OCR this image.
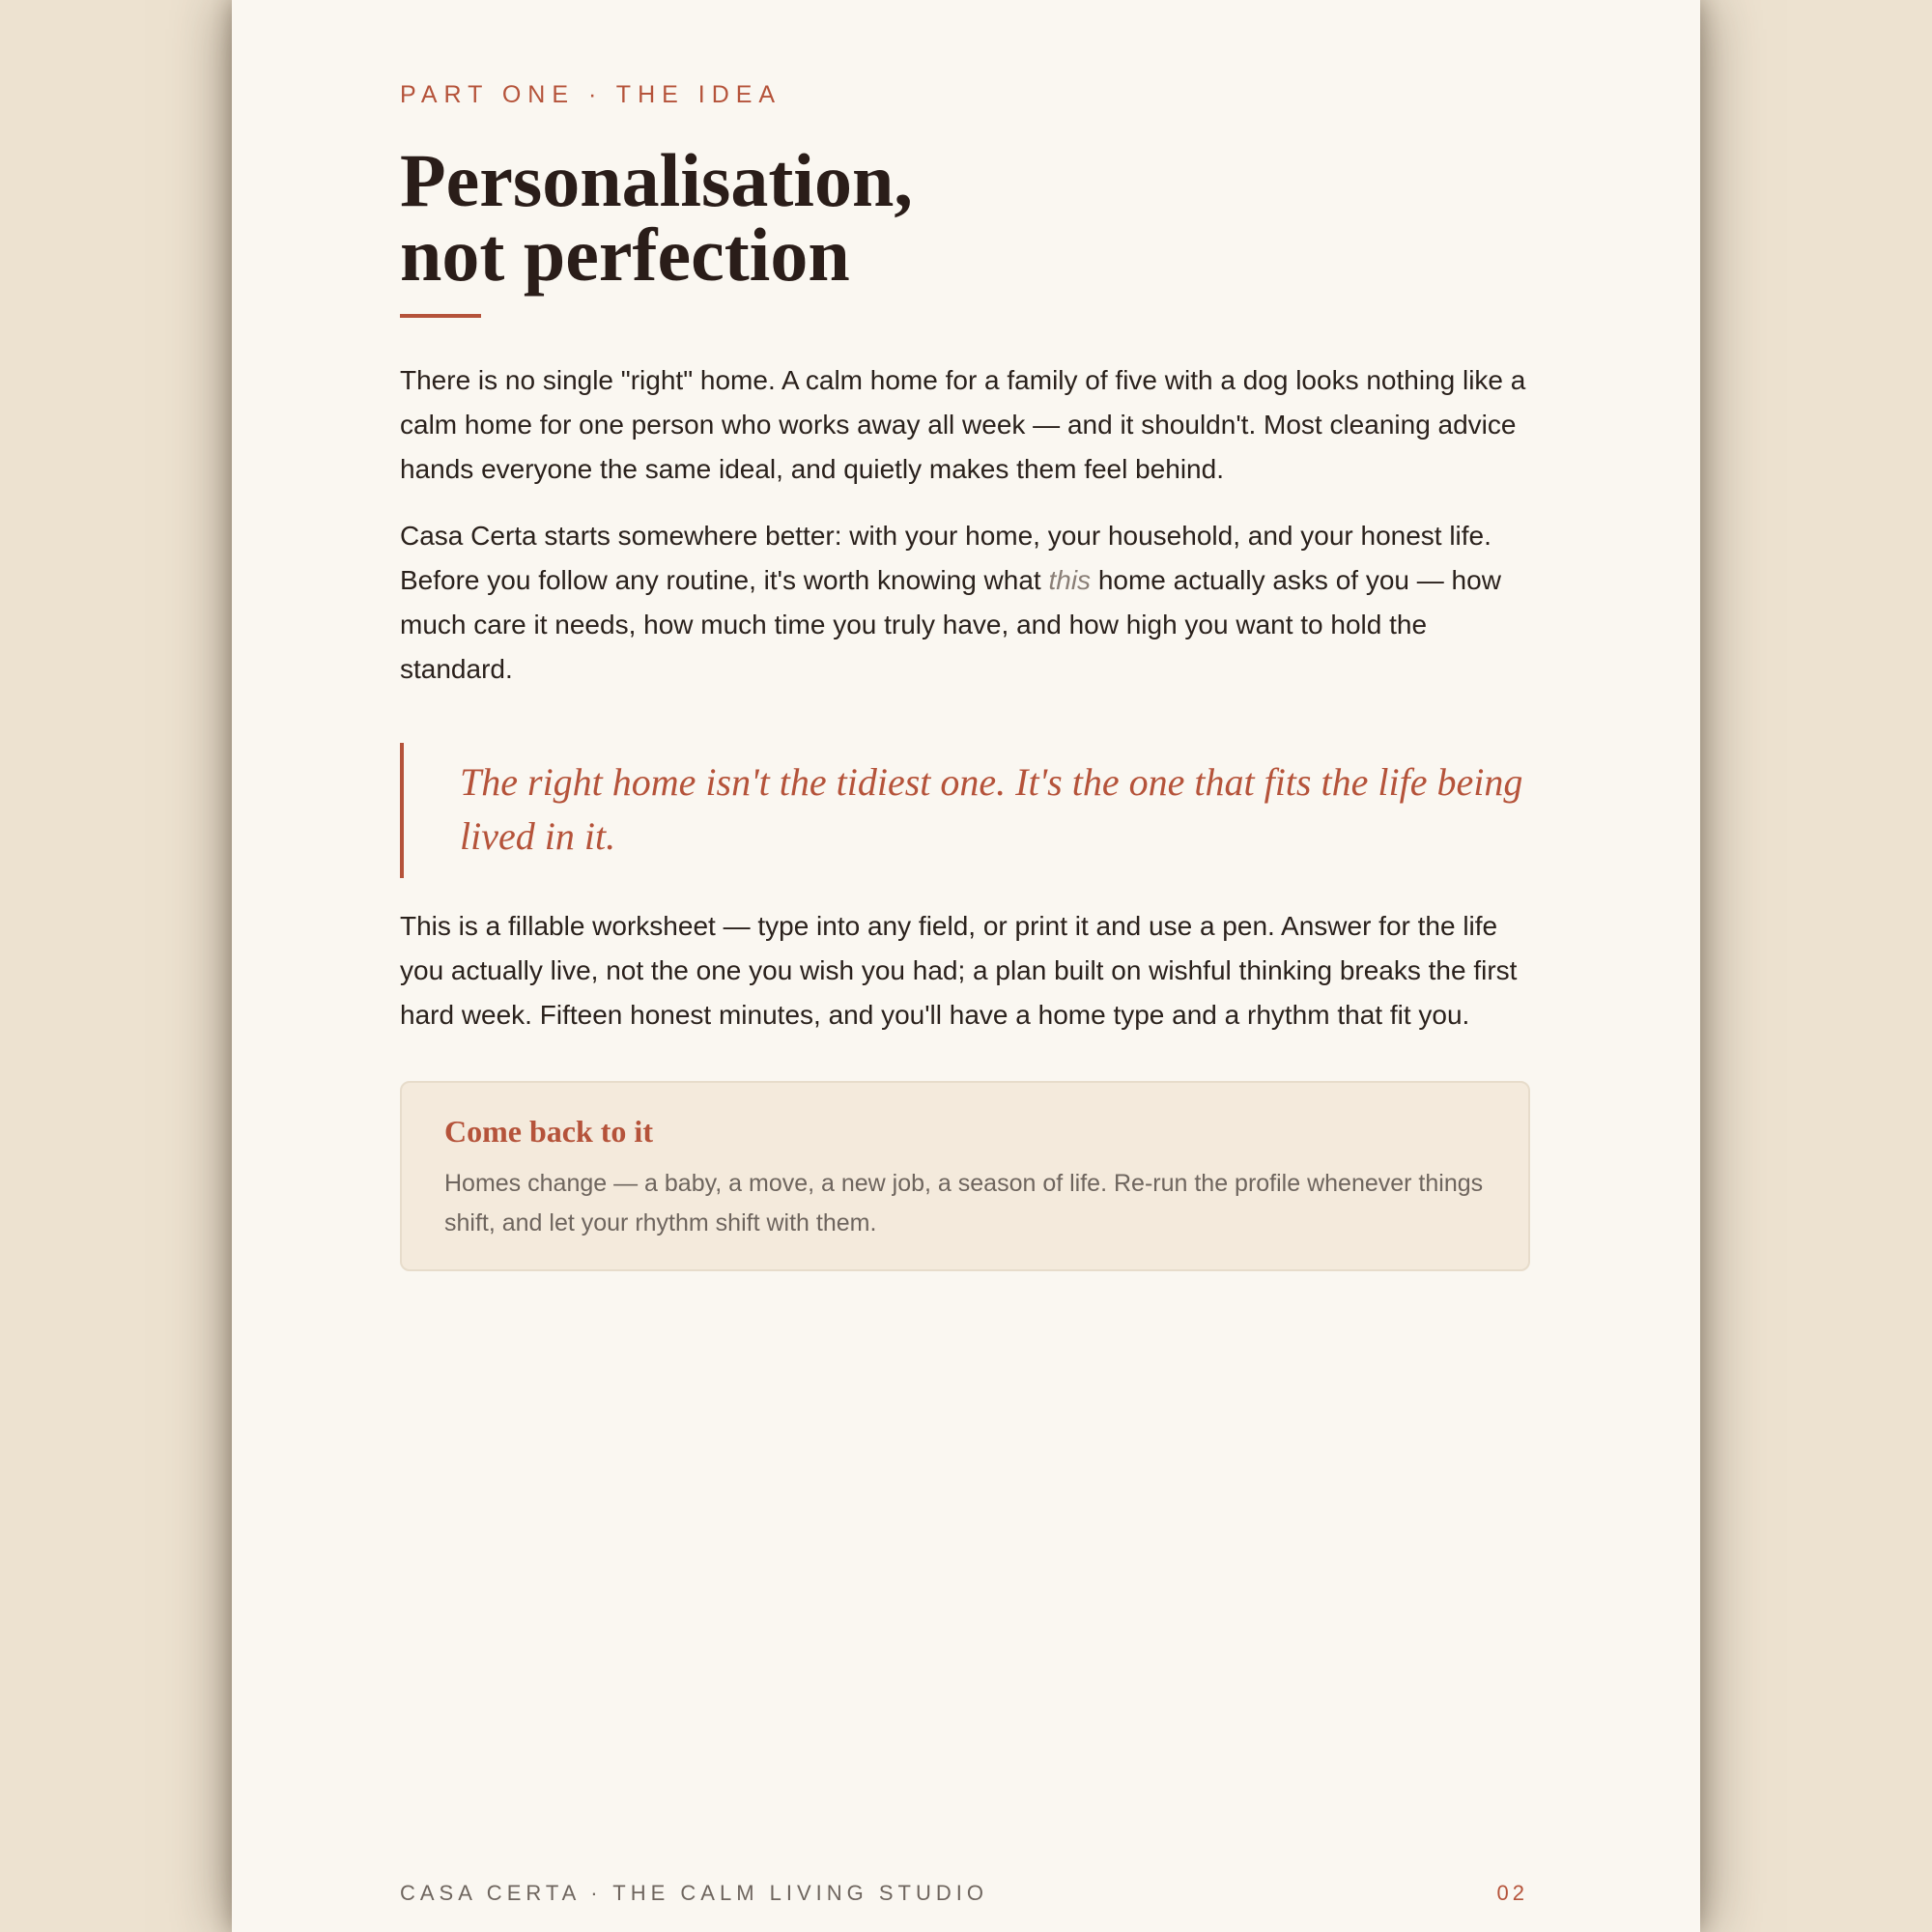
PART ONE · THE IDEA
Personalisation,
not perfection

There is no single "right" home. A calm home for a family of five with a dog looks nothing like a calm home for one person who works away all week — and it shouldn't. Most cleaning advice hands everyone the same ideal, and quietly makes them feel behind.

Casa Certa starts somewhere better: with your home, your household, and your honest life. Before you follow any routine, it's worth knowing what this home actually asks of you — how much care it needs, how much time you truly have, and how high you want to hold the standard.

The right home isn't the tidiest one. It's the one that fits the life being lived in it.

This is a fillable worksheet — type into any field, or print it and use a pen. Answer for the life you actually live, not the one you wish you had; a plan built on wishful thinking breaks the first hard week. Fifteen honest minutes, and you'll have a home type and a rhythm that fit you.

Come back to it

Homes change — a baby, a move, a new job, a season of life. Re-run the profile whenever things shift, and let your rhythm shift with them.

CASA CERTA · THE CALM LIVING STUDIO	02
